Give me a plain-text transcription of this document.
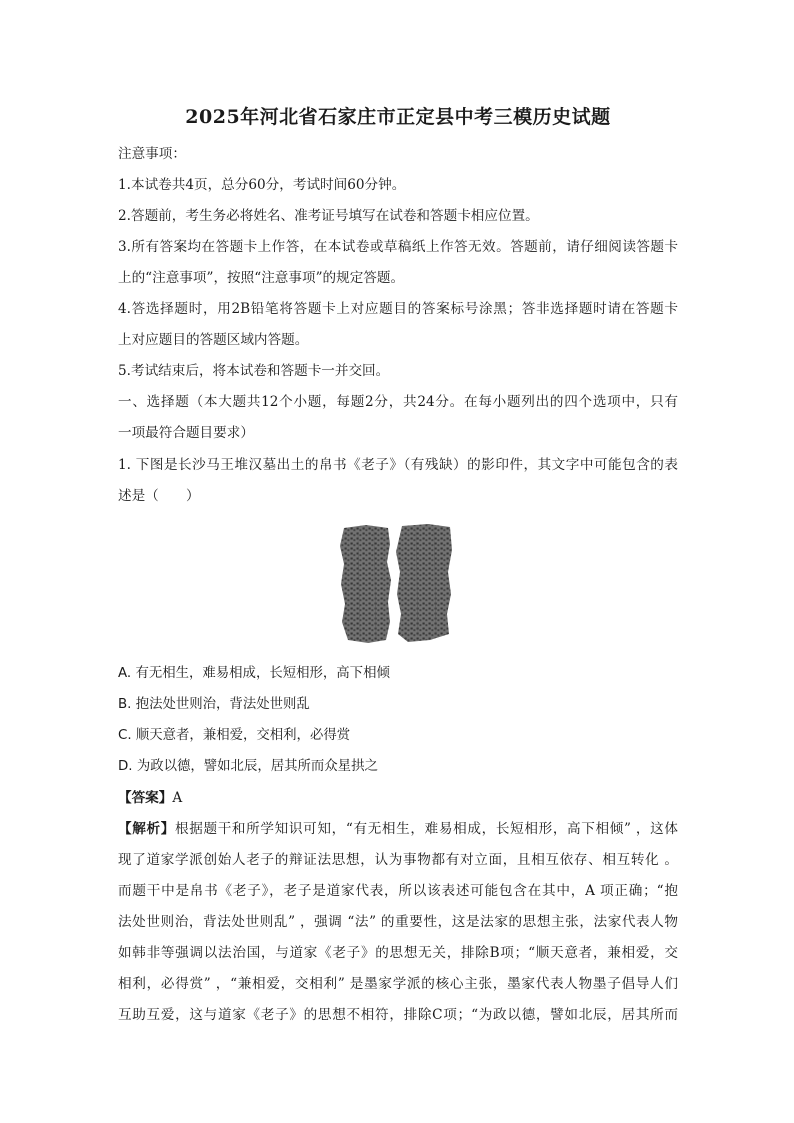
2025年河北省石家庄市正定县中考三模历史试题
注意事项：
1.本试卷共4页，总分60分，考试时间60分钟。
2.答题前，考生务必将姓名、准考证号填写在试卷和答题卡相应位置。
3.所有答案均在答题卡上作答，在本试卷或草稿纸上作答无效。答题前，请仔细阅读答题卡
上的“注意事项”，按照“注意事项”的规定答题。
4.答选择题时，用2B铅笔将答题卡上对应题目的答案标号涂黑；答非选择题时请在答题卡
上对应题目的答题区域内答题。
5.考试结束后，将本试卷和答题卡一并交回。
一、选择题（本大题共12个小题，每题2分，共24分。在每小题列出的四个选项中，只有
一项最符合题目要求）
1. 下图是长沙马王堆汉墓出土的帛书《老子》（有残缺）的影印件，其文字中可能包含的表
述是（　　）
A. 有无相生，难易相成，长短相形，高下相倾
B. 抱法处世则治，背法处世则乱
C. 顺天意者，兼相爱，交相利，必得赏
D. 为政以德，譬如北辰，居其所而众星拱之
【答案】A
【解析】根据题干和所学知识可知，“有无相生，难易相成，长短相形，高下相倾” ，这体
现了道家学派创始人老子的辩证法思想，认为事物都有对立面，且相互依存、相互转化 。
而题干中是帛书《老子》，老子是道家代表，所以该表述可能包含在其中，A 项正确；“抱
法处世则治，背法处世则乱” ，强调 “法” 的重要性，这是法家的思想主张，法家代表人物
如韩非等强调以法治国，与道家《老子》的思想无关，排除B项；“顺天意者，兼相爱，交
相利，必得赏” ，“兼相爱，交相利” 是墨家学派的核心主张，墨家代表人物墨子倡导人们
互助互爱，这与道家《老子》的思想不相符，排除C项；“为政以德，譬如北辰，居其所而
